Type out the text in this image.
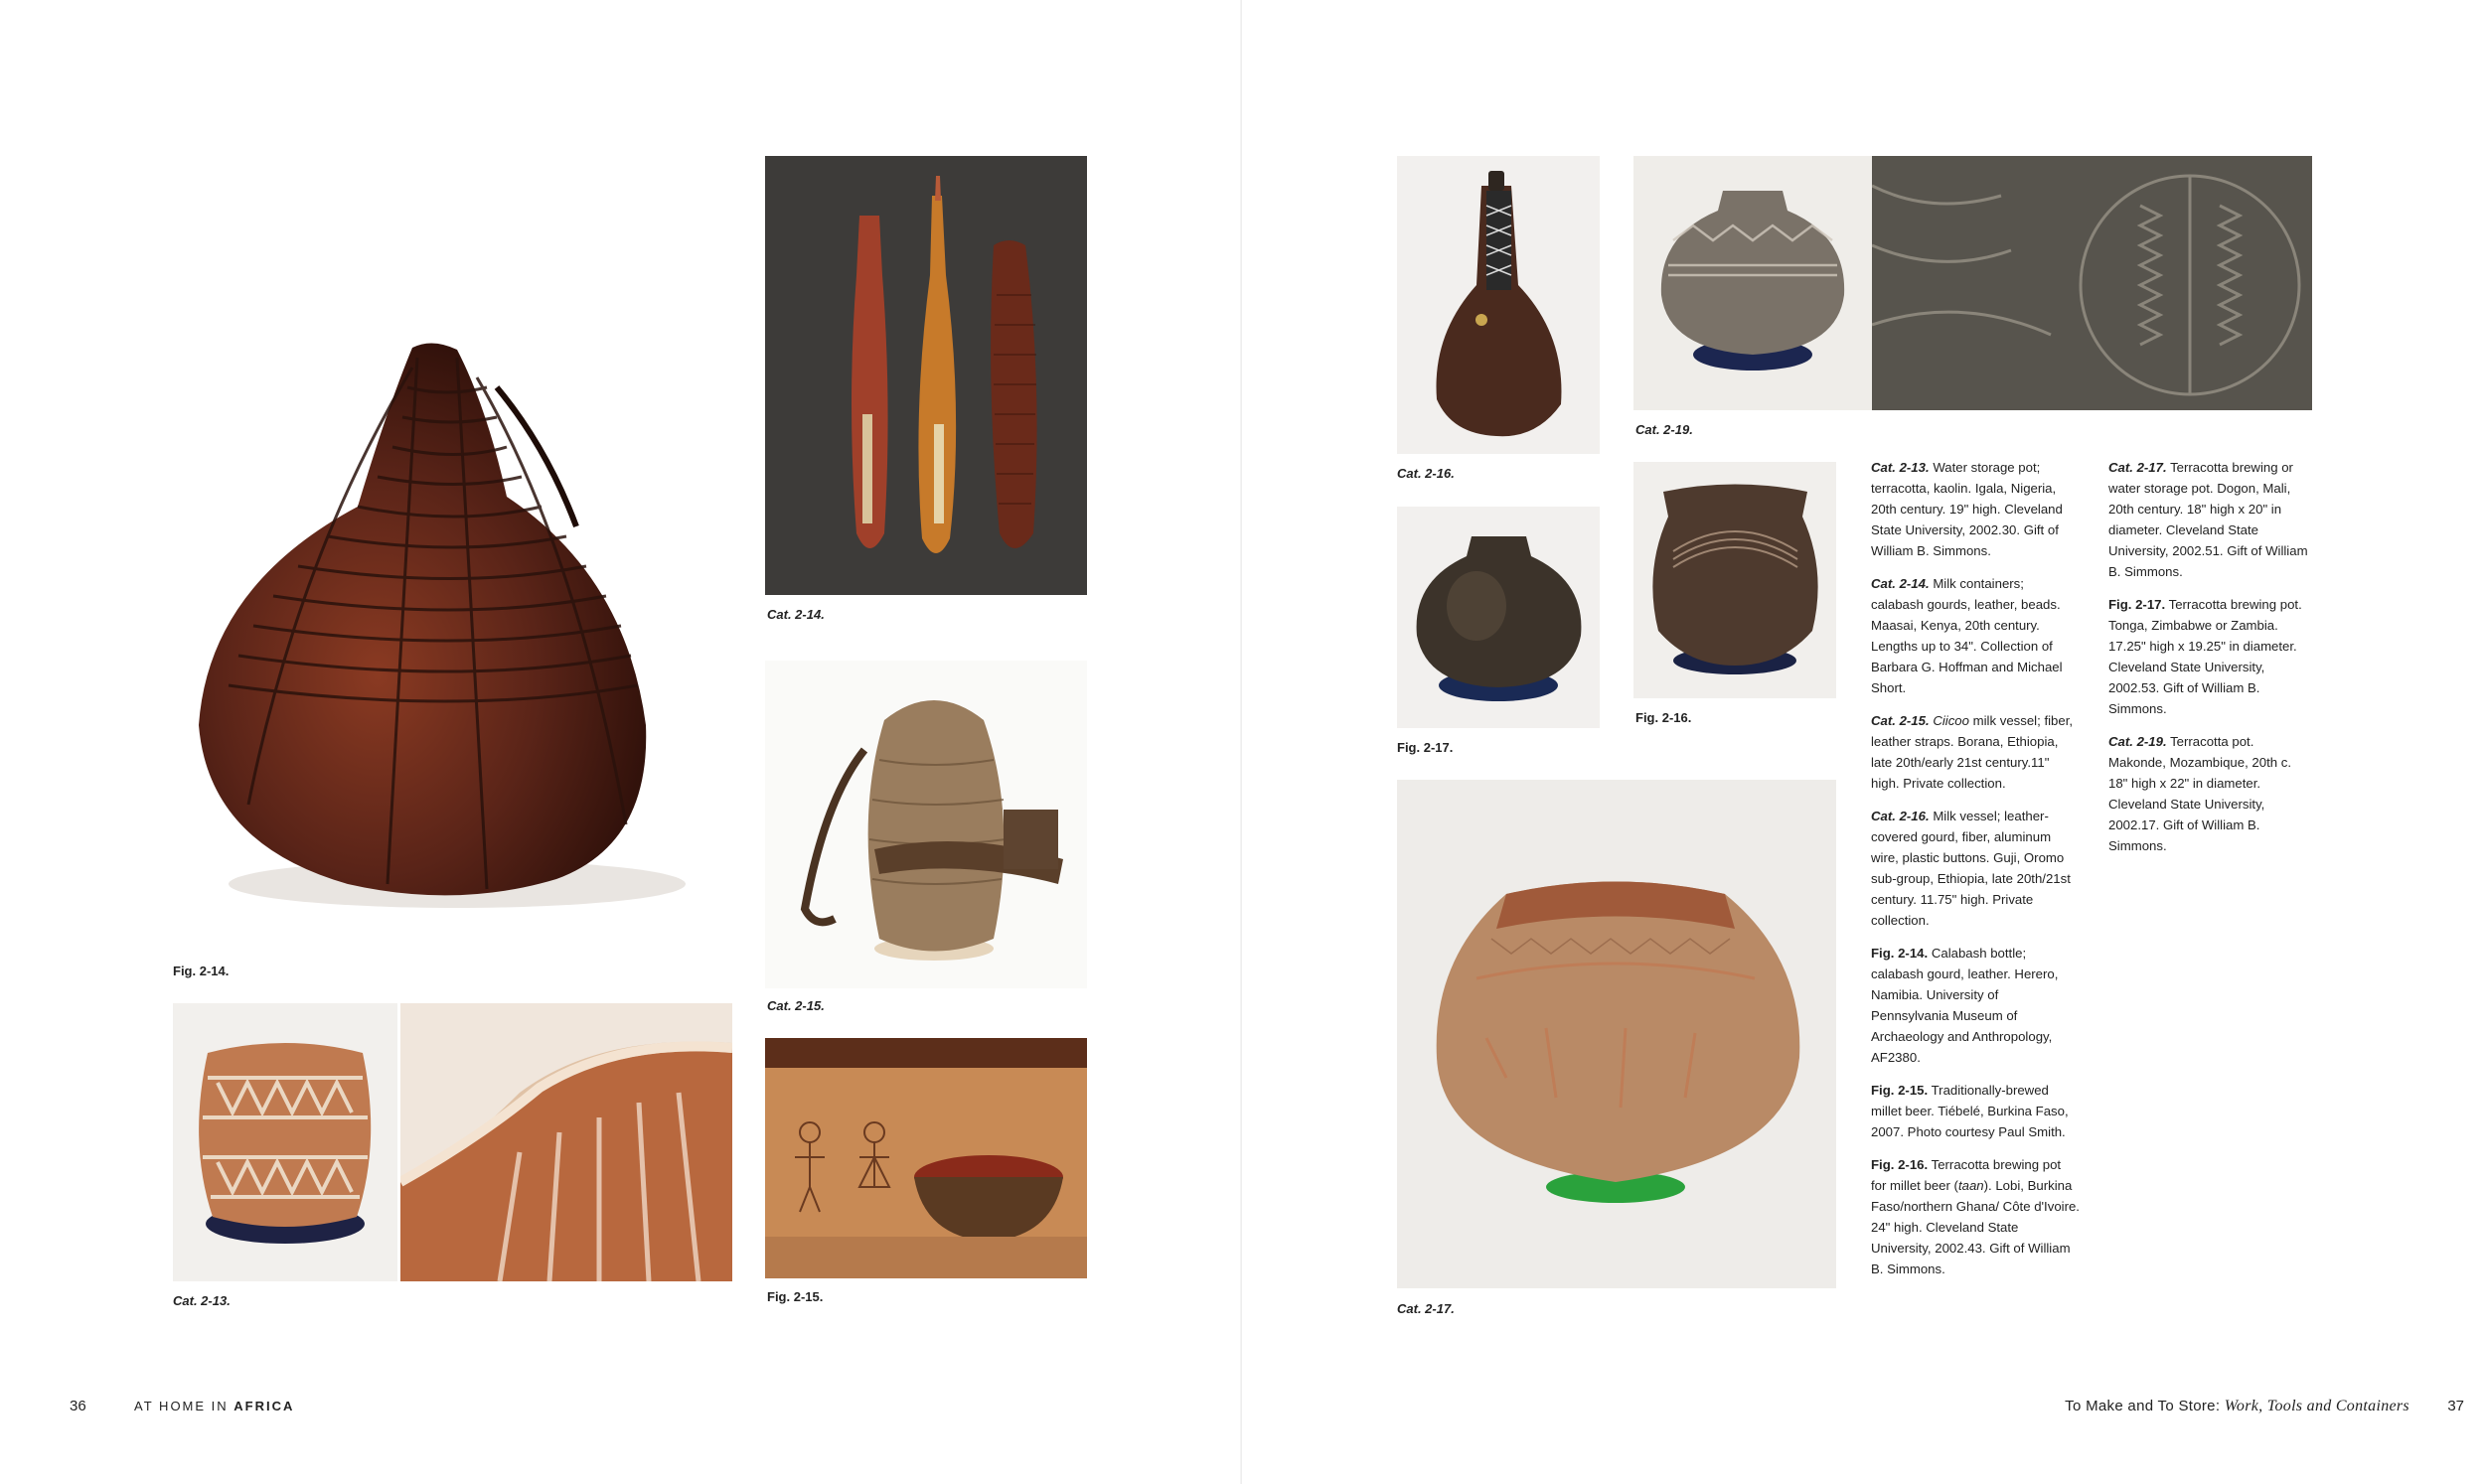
Fig. 2-14.
Cat. 2-14.
Cat. 2-15.
Cat. 2-13.	Fig. 2-15.
36	AT HOME IN AFRICA
Cat. 2-16.
Cat. 2-19.
Fig. 2-17.
Fig. 2-16.
Cat. 2-17.

Cat. 2-13. Water storage pot; terracotta, kaolin. Igala, Nigeria, 20th century. 19" high. Cleveland State University, 2002.30. Gift of William B. Simmons.

Cat. 2-14. Milk containers; calabash gourds, leather, beads. Maasai, Kenya, 20th century. Lengths up to 34". Collection of Barbara G. Hoffman and Michael Short.

Cat. 2-15. Ciicoo milk vessel; fiber, leather straps. Borana, Ethiopia, late 20th/early 21st century.11" high. Private collection.

Cat. 2-16. Milk vessel; leather-covered gourd, fiber, aluminum wire, plastic buttons. Guji, Oromo sub-group, Ethiopia, late 20th/21st century. 11.75" high. Private collection.

Fig. 2-14. Calabash bottle; calabash gourd, leather. Herero, Namibia. University of Pennsylvania Museum of Archaeology and Anthropology, AF2380.

Fig. 2-15. Traditionally-brewed millet beer. Tiébelé, Burkina Faso, 2007. Photo courtesy Paul Smith.

Fig. 2-16. Terracotta brewing pot for millet beer (taan). Lobi, Burkina Faso/northern Ghana/ Côte d'Ivoire. 24" high. Cleveland State University, 2002.43. Gift of William B. Simmons.

Cat. 2-17. Terracotta brewing or water storage pot. Dogon, Mali, 20th century. 18" high x 20" in diameter. Cleveland State University, 2002.51. Gift of William B. Simmons.

Fig. 2-17. Terracotta brewing pot. Tonga, Zimbabwe or Zambia. 17.25" high x 19.25" in diameter. Cleveland State University, 2002.53. Gift of William B. Simmons.

Cat. 2-19. Terracotta pot. Makonde, Mozambique, 20th c. 18" high x 22" in diameter. Cleveland State University, 2002.17. Gift of William B. Simmons.

To Make and To Store: Work, Tools and Containers	37
